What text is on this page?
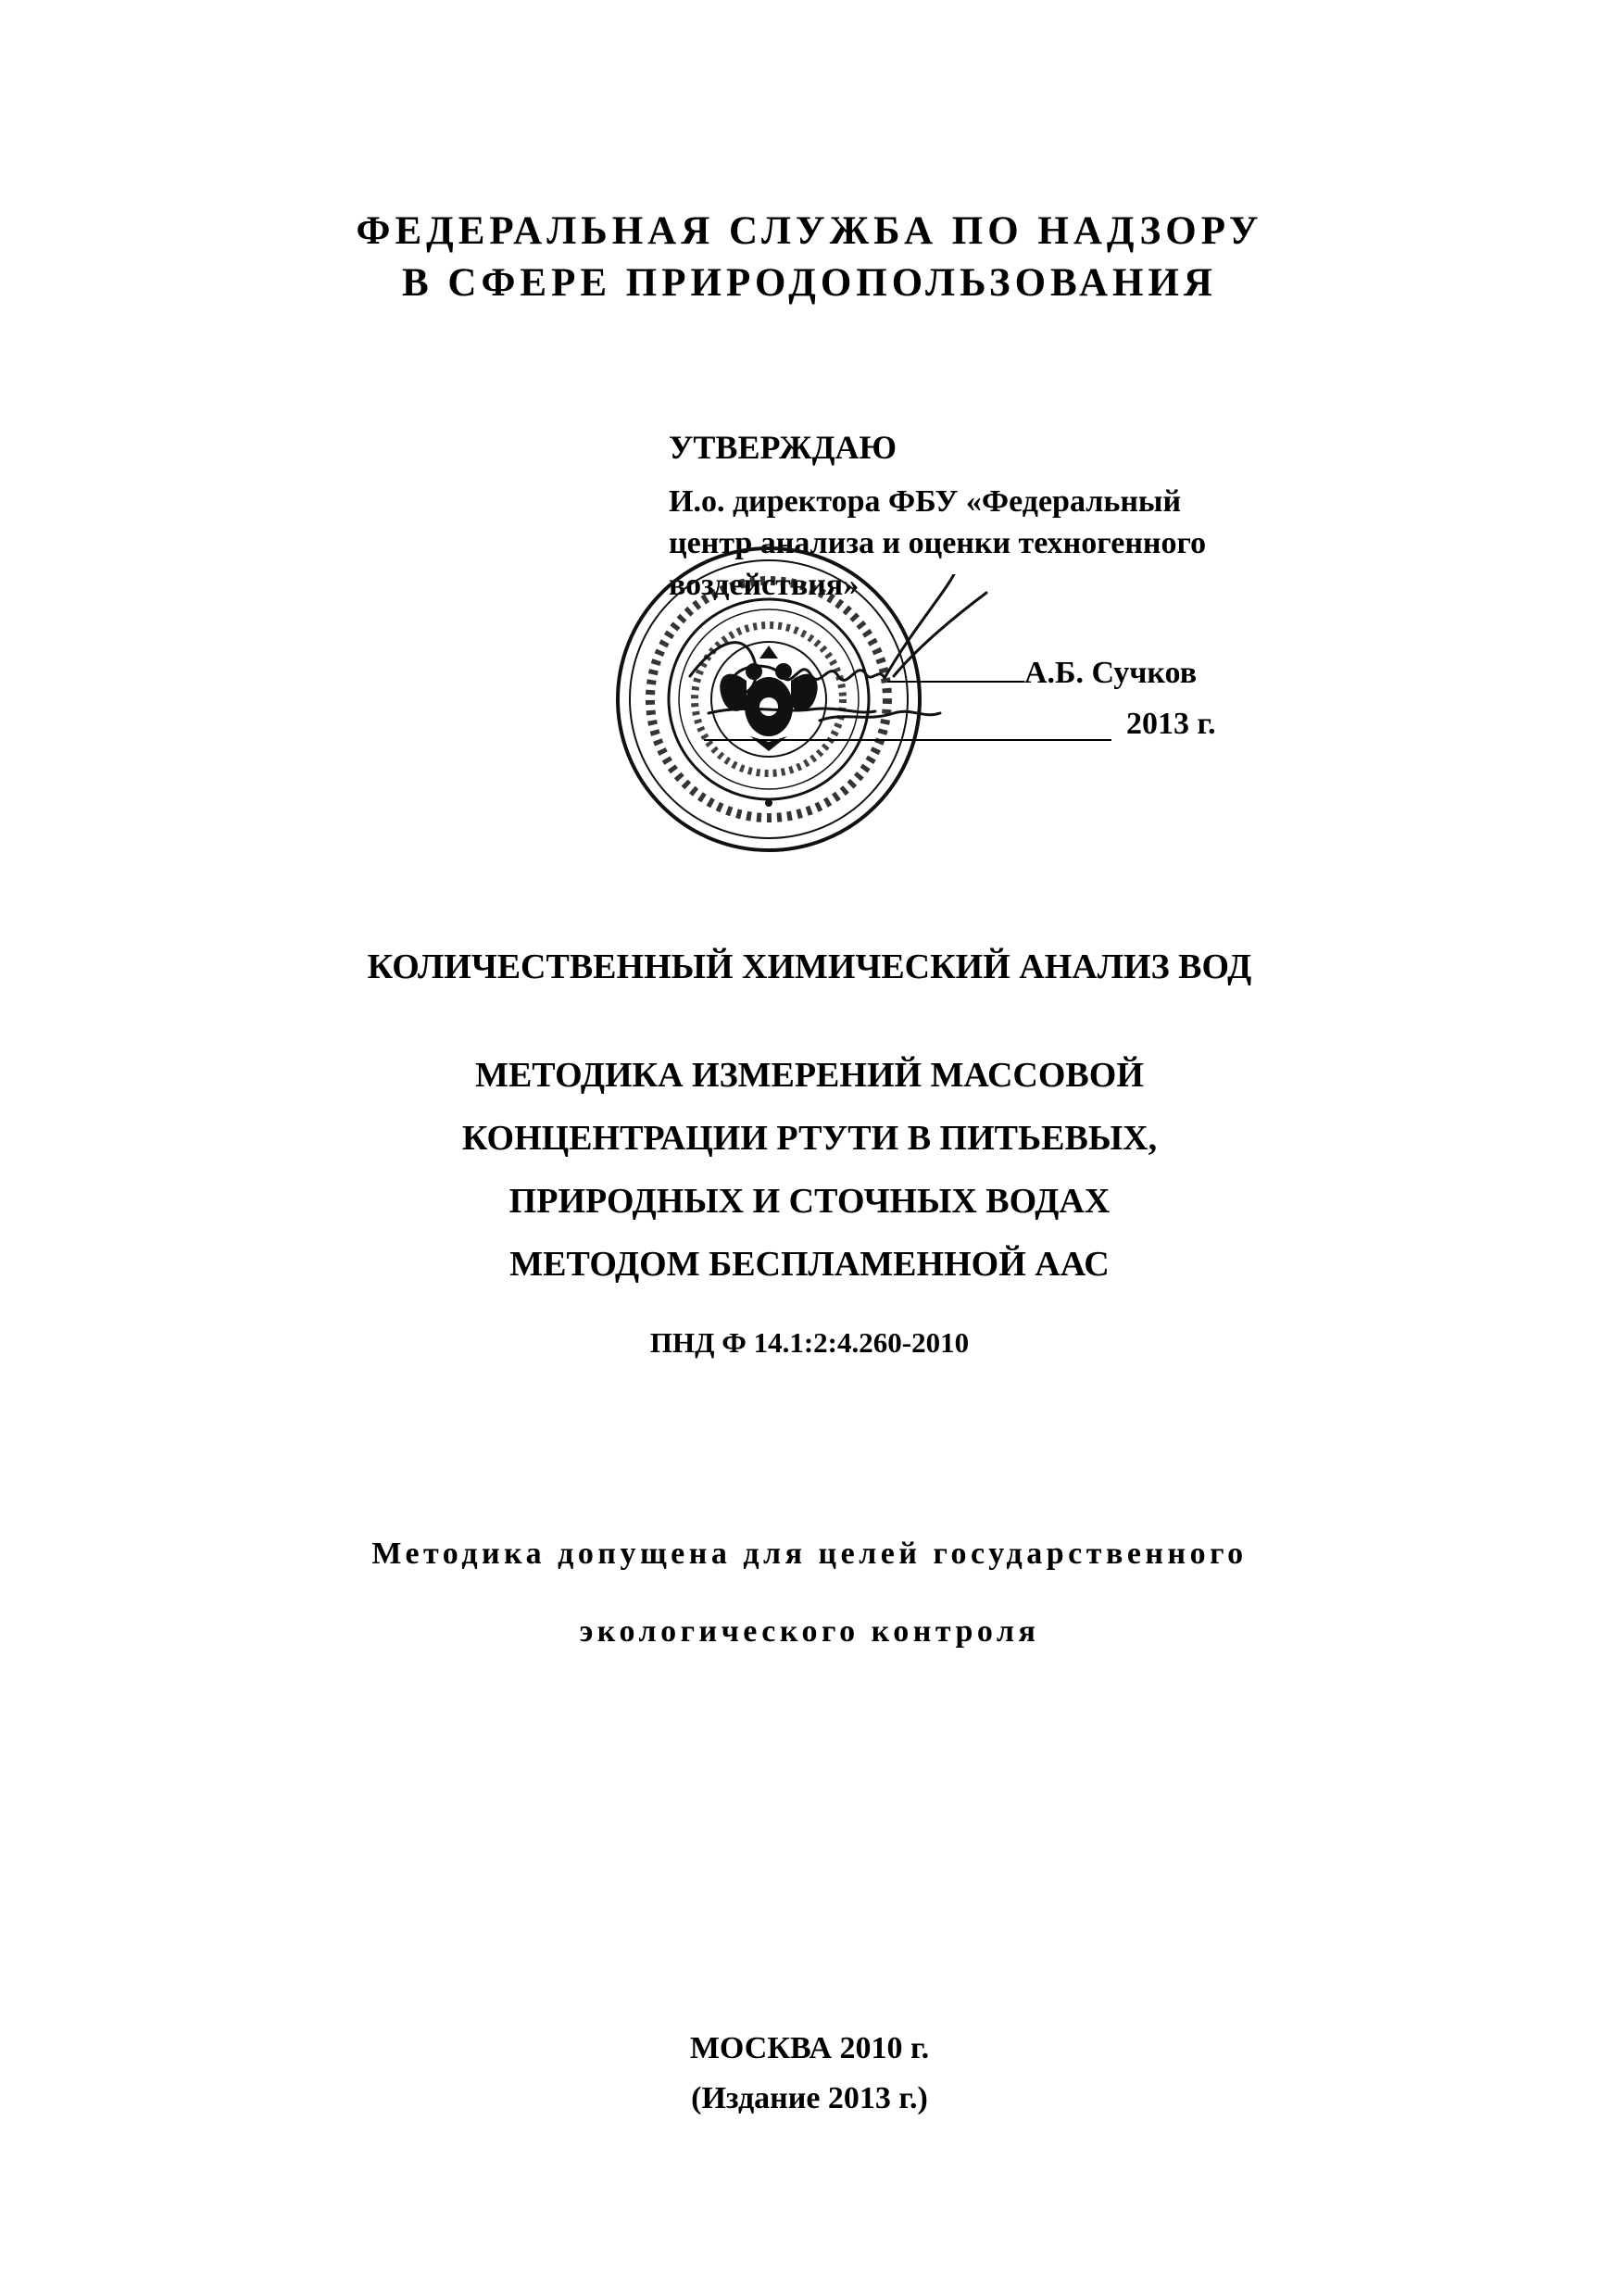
ФЕДЕРАЛЬНАЯ СЛУЖБА ПО НАДЗОРУ
В СФЕРЕ ПРИРОДОПОЛЬЗОВАНИЯ
УТВЕРЖДАЮ
И.о. директора ФБУ «Федеральный
центр анализа и оценки техногенного
воздействия»
А.Б. Сучков
2013 г.
КОЛИЧЕСТВЕННЫЙ ХИМИЧЕСКИЙ АНАЛИЗ ВОД
МЕТОДИКА ИЗМЕРЕНИЙ МАССОВОЙ
КОНЦЕНТРАЦИИ РТУТИ В ПИТЬЕВЫХ,
ПРИРОДНЫХ И СТОЧНЫХ ВОДАХ
МЕТОДОМ БЕСПЛАМЕННОЙ ААС
ПНД Ф 14.1:2:4.260-2010
Методика допущена для целей государственного
экологического контроля
МОСКВА 2010 г.
(Издание 2013 г.)
